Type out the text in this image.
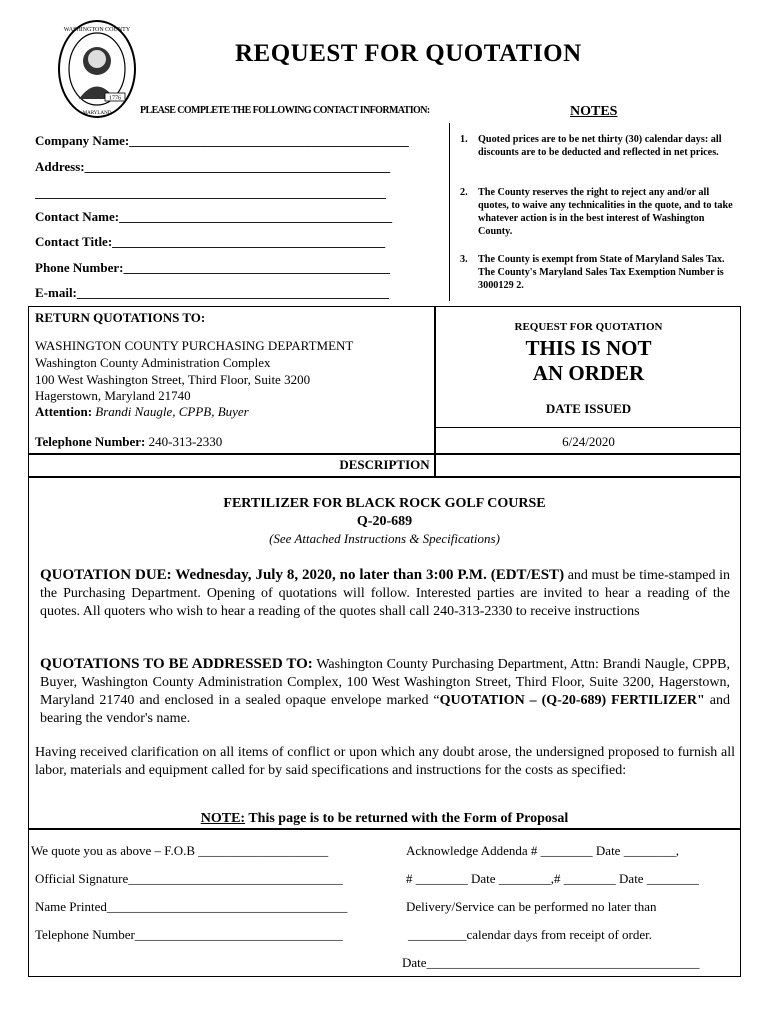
WASHINGTON COUNTY
MARYLAND
1776
REQUEST FOR QUOTATION
PLEASE COMPLETE THE FOLLOWING CONTACT INFORMATION:	NOTES
Company Name:___________________________________________
Address:_______________________________________________
______________________________________________________
Contact Name:__________________________________________
Contact Title:__________________________________________
Phone Number:_________________________________________
E-mail:________________________________________________
1.	Quoted prices are to be net thirty (30) calendar days: all discounts are to be deducted and reflected in net prices.
2.	The County reserves the right to reject any and/or all quotes, to waive any technicalities in the quote, and to take whatever action is in the best interest of Washington County.
3.	The County is exempt from State of Maryland Sales Tax. The County's Maryland Sales Tax Exemption Number is 3000129 2.
RETURN QUOTATIONS TO:
WASHINGTON COUNTY PURCHASING DEPARTMENT
Washington County Administration Complex
100 West Washington Street, Third Floor, Suite 3200
Hagerstown, Maryland 21740
Attention: Brandi Naugle, CPPB, Buyer
Telephone Number: 240-313-2330
REQUEST FOR QUOTATION
THIS IS NOT
AN ORDER
DATE ISSUED
6/24/2020
DESCRIPTION
FERTILIZER FOR BLACK ROCK GOLF COURSE
Q-20-689
(See Attached Instructions & Specifications)
QUOTATION DUE: Wednesday, July 8, 2020, no later than 3:00 P.M. (EDT/EST) and must be time-stamped in the Purchasing Department. Opening of quotations will follow. Interested parties are invited to hear a reading of the quotes. All quoters who wish to hear a reading of the quotes shall call 240-313-2330 to receive instructions
QUOTATIONS TO BE ADDRESSED TO: Washington County Purchasing Department, Attn: Brandi Naugle, CPPB, Buyer, Washington County Administration Complex, 100 West Washington Street, Third Floor, Suite 3200, Hagerstown, Maryland 21740 and enclosed in a sealed opaque envelope marked “QUOTATION – (Q-20-689) FERTILIZER" and bearing the vendor's name.
Having received clarification on all items of conflict or upon which any doubt arose, the undersigned proposed to furnish all labor, materials and equipment called for by said specifications and instructions for the costs as specified:
NOTE: This page is to be returned with the Form of Proposal
We quote you as above – F.O.B ____________________
Official Signature_________________________________
Name Printed_____________________________________
Telephone Number________________________________
Acknowledge Addenda # ________ Date ________,
# ________ Date ________,# ________ Date ________
Delivery/Service can be performed no later than
_________calendar days from receipt of order.
Date__________________________________________
